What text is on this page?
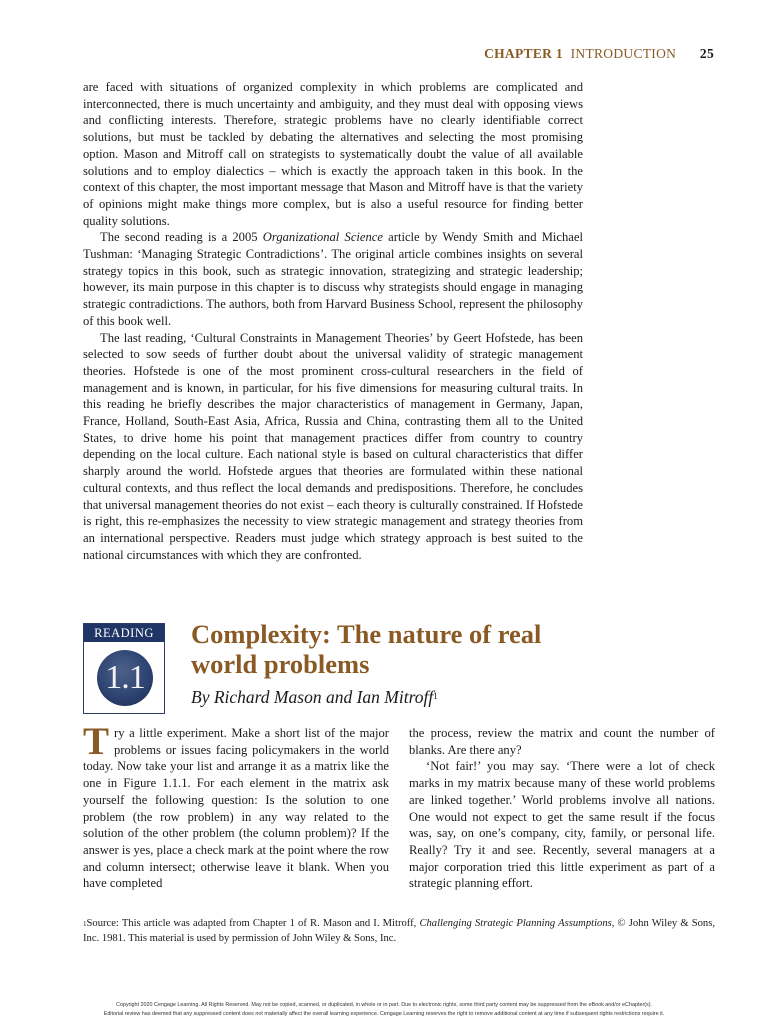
CHAPTER 1 INTRODUCTION 25

are faced with situations of organized complexity in which problems are complicated and interconnected, there is much uncertainty and ambiguity, and they must deal with opposing views and conflicting interests. Therefore, strategic problems have no clearly identifiable correct solutions, but must be tackled by debating the alternatives and selecting the most promising option. Mason and Mitroff call on strategists to systematically doubt the value of all available solutions and to employ dialectics – which is exactly the approach taken in this book. In the context of this chapter, the most important message that Mason and Mitroff have is that the variety of opinions might make things more complex, but is also a useful resource for finding better quality solutions.

The second reading is a 2005 Organizational Science article by Wendy Smith and Michael Tushman: ‘Managing Strategic Contradictions’. The original article combines insights on several strategy topics in this book, such as strategic innovation, strategizing and strategic leadership; however, its main purpose in this chapter is to discuss why strategists should engage in managing strategic contradictions. The authors, both from Harvard Business School, represent the philosophy of this book well.

The last reading, ‘Cultural Constraints in Management Theories’ by Geert Hofstede, has been selected to sow seeds of further doubt about the universal validity of strategic management theories. Hofstede is one of the most prominent cross-cultural researchers in the field of management and is known, in particular, for his five dimensions for measuring cultural traits. In this reading he briefly describes the major characteristics of management in Germany, Japan, France, Holland, South-East Asia, Africa, Russia and China, contrasting them all to the United States, to drive home his point that management practices differ from country to country depending on the local culture. Each national style is based on cultural characteristics that differ sharply around the world. Hofstede argues that theories are formulated within these national cultural contexts, and thus reflect the local demands and predispositions. Therefore, he concludes that universal management theories do not exist – each theory is culturally constrained. If Hofstede is right, this re-emphasizes the necessity to view strategic management and strategy theories from an international perspective. Readers must judge which strategy approach is best suited to the national circumstances with which they are confronted.

READING
1.1
Complexity: The nature of real world problems
By Richard Mason and Ian Mitroff$^1$

Try a little experiment. Make a short list of the major problems or issues facing policymakers in the world today. Now take your list and arrange it as a matrix like the one in Figure 1.1.1. For each element in the matrix ask yourself the following question: Is the solution to one problem (the row problem) in any way related to the solution of the other problem (the column problem)? If the answer is yes, place a check mark at the point where the row and column intersect; otherwise leave it blank. When you have completed

the process, review the matrix and count the number of blanks. Are there any?

‘Not fair!’ you may say. ‘There were a lot of check marks in my matrix because many of these world problems are linked together.’ World problems involve all nations. One would not expect to get the same result if the focus was, say, on one’s company, city, family, or personal life. Really? Try it and see. Recently, several managers at a major corporation tried this little experiment as part of a strategic planning effort.

$^1$Source: This article was adapted from Chapter 1 of R. Mason and I. Mitroff, Challenging Strategic Planning Assumptions, © John Wiley & Sons, Inc. 1981. This material is used by permission of John Wiley & Sons, Inc.
Copyright 2020 Cengage Learning. All Rights Reserved. May not be copied, scanned, or duplicated, in whole or in part. Due to electronic rights, some third party content may be suppressed from the eBook and/or eChapter(s).
Editorial review has deemed that any suppressed content does not materially affect the overall learning experience. Cengage Learning reserves the right to remove additional content at any time if subsequent rights restrictions require it.
